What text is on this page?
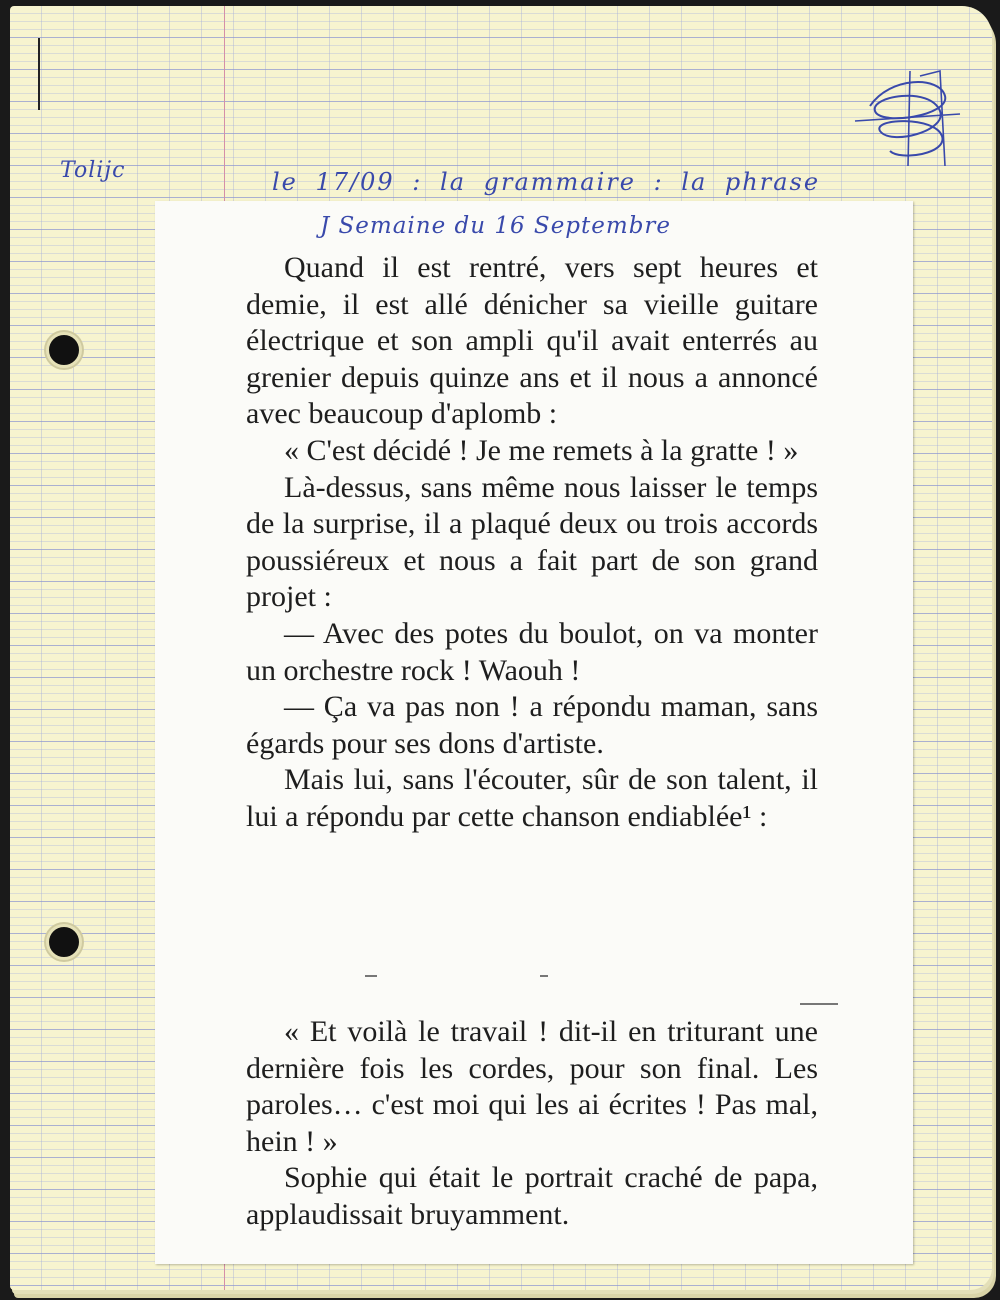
Tolijc	le 17/09 : la grammaire : la phrase
J Semaine du 16 Septembre

Quand il est rentré, vers sept heures et demie, il est allé dénicher sa vieille guitare électrique et son ampli qu'il avait enterrés au grenier depuis quinze ans et il nous a annoncé avec beaucoup d'aplomb :

« C'est décidé ! Je me remets à la gratte ! »

Là-dessus, sans même nous laisser le temps de la surprise, il a plaqué deux ou trois accords poussiéreux et nous a fait part de son grand projet :

— Avec des potes du boulot, on va monter un orchestre rock ! Waouh !

— Ça va pas non ! a répondu maman, sans égards pour ses dons d'artiste.

Mais lui, sans l'écouter, sûr de son talent, il lui a répondu par cette chanson endiablée¹ :

« Et voilà le travail ! dit-il en triturant une dernière fois les cordes, pour son final. Les paroles… c'est moi qui les ai écrites ! Pas mal, hein ! »

Sophie qui était le portrait craché de papa, applaudissait bruyamment.
